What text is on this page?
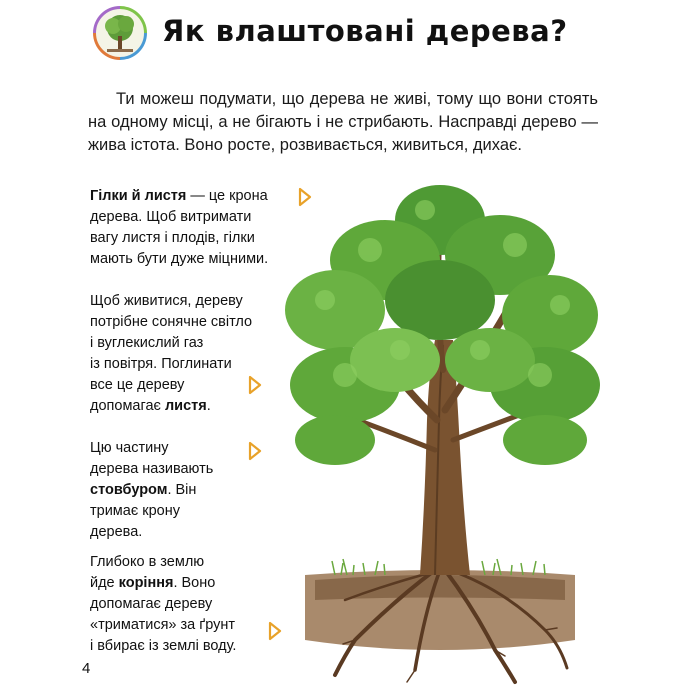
Як влаштовані дерева?

Ти можеш подумати, що дерева не живі, тому що вони стоять на одному місці, а не бігають і не стрибають. Насправді дерево — жива істота. Воно росте, розвивається, живиться, дихає.

Гілки й листя — це крона
дерева. Щоб витримати
вагу листя і плодів, гілки
мають бути дуже міцними.
Щоб живитися, дереву
потрібне сонячне світло
і вуглекислий газ
із повітря. Поглинати
все це дереву
допомагає листя.
Цю частину
дерева називають
стовбуром. Він
тримає крону
дерева.
Глибоко в землю
йде коріння. Воно
допомагає дереву
«триматися» за ґрунт
і вбирає із землі воду.
4
